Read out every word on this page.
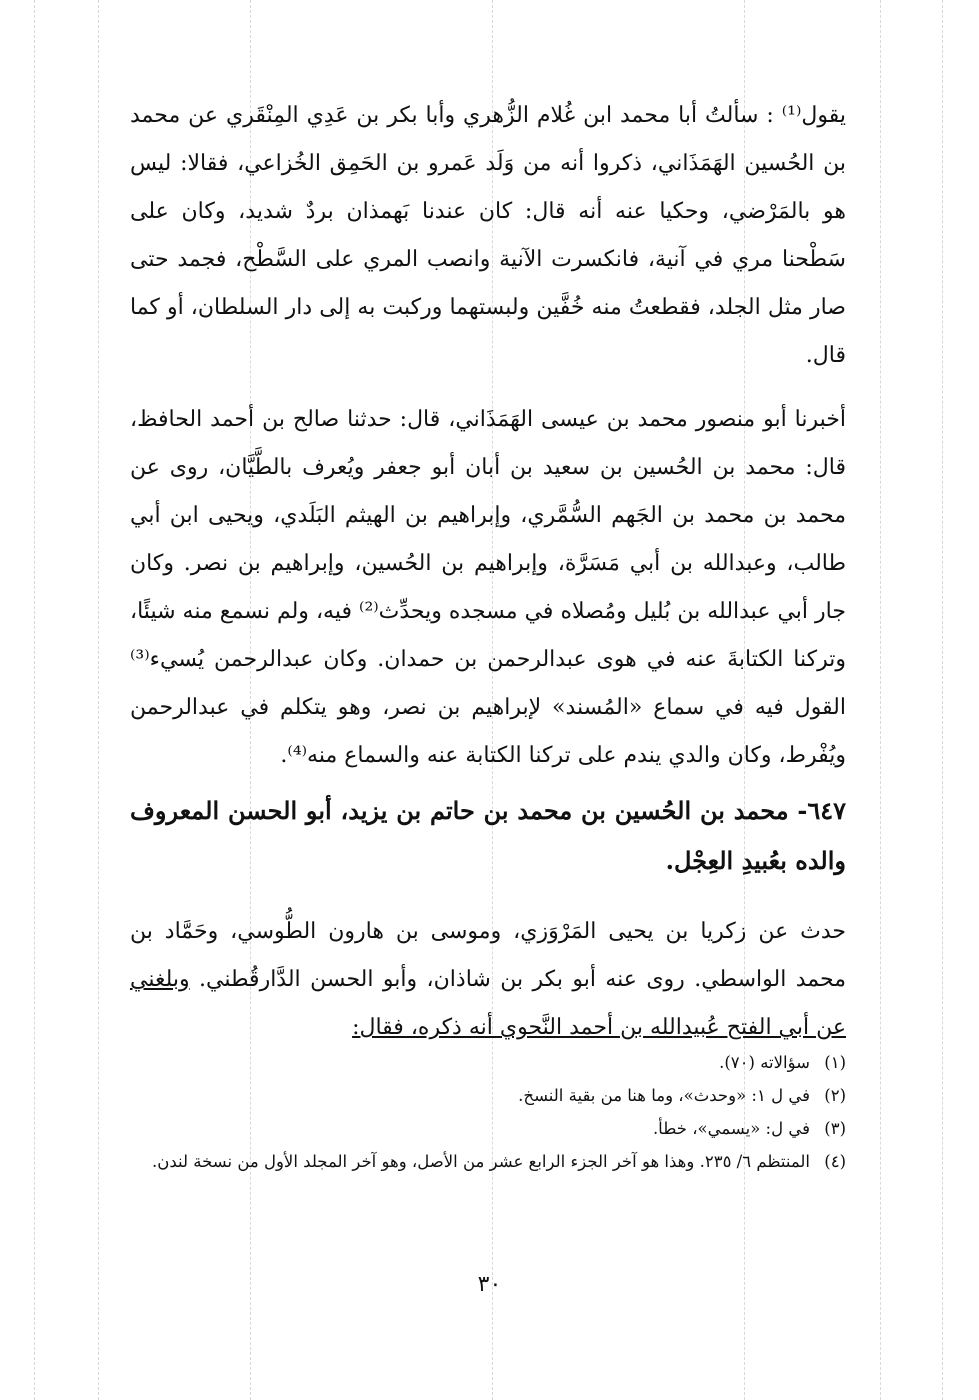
يقول⁽¹⁾ : سألتُ أبا محمد ابن غُلام الزُّهري وأبا بكر بن عَدِي المِنْقَري عن محمد بن الحُسين الهَمَذَاني، ذكروا أنه من وَلَد عَمرو بن الحَمِق الخُزاعي، فقالا: ليس هو بالمَرْضي، وحكيا عنه أنه قال: كان عندنا بَهمذان بردٌ شديد، وكان على سَطْحنا مري في آنية، فانكسرت الآنية وانصب المري على السَّطْح، فجمد حتى صار مثل الجلد، فقطعتُ منه خُفَّين ولبستهما وركبت به إلى دار السلطان، أو كما قال.

أخبرنا أبو منصور محمد بن عيسى الهَمَذَاني، قال: حدثنا صالح بن أحمد الحافظ، قال: محمد بن الحُسين بن سعيد بن أبان أبو جعفر ويُعرف بالطَّيَّان، روى عن محمد بن محمد بن الجَهم السُّمَّري، وإبراهيم بن الهيثم البَلَدي، ويحيى ابن أبي طالب، وعبدالله بن أبي مَسَرَّة، وإبراهيم بن الحُسين، وإبراهيم بن نصر. وكان جار أبي عبدالله بن بُليل ومُصلاه في مسجده ويحدِّث⁽²⁾ فيه، ولم نسمع منه شيئًا، وتركنا الكتابةَ عنه في هوى عبدالرحمن بن حمدان. وكان عبدالرحمن يُسيء⁽³⁾ القول فيه في سماع «المُسند» لإبراهيم بن نصر، وهو يتكلم في عبدالرحمن ويُفْرط، وكان والدي يندم على تركنا الكتابة عنه والسماع منه⁽⁴⁾.

٦٤٧- محمد بن الحُسين بن محمد بن حاتم بن يزيد، أبو الحسن المعروف والده بعُبيدِ العِجْل.

حدث عن زكريا بن يحيى المَرْوَزي، وموسى بن هارون الطُّوسي، وحَمَّاد بن محمد الواسطي. روى عنه أبو بكر بن شاذان، وأبو الحسن الدَّارقُطني. وبلغني عن أبي الفتح عُبيدالله بن أحمد النَّحوي أنه ذكره، فقال:

(١)
سؤالاته (٧٠).
(٢)
في ل ١: «وحدث»، وما هنا من بقية النسخ.
(٣)
في ل: «يسمي»، خطأ.
(٤)
المنتظم ٦/ ٢٣٥. وهذا هو آخر الجزء الرابع عشر من الأصل، وهو آخر المجلد الأول من نسخة لندن.
٣٠
